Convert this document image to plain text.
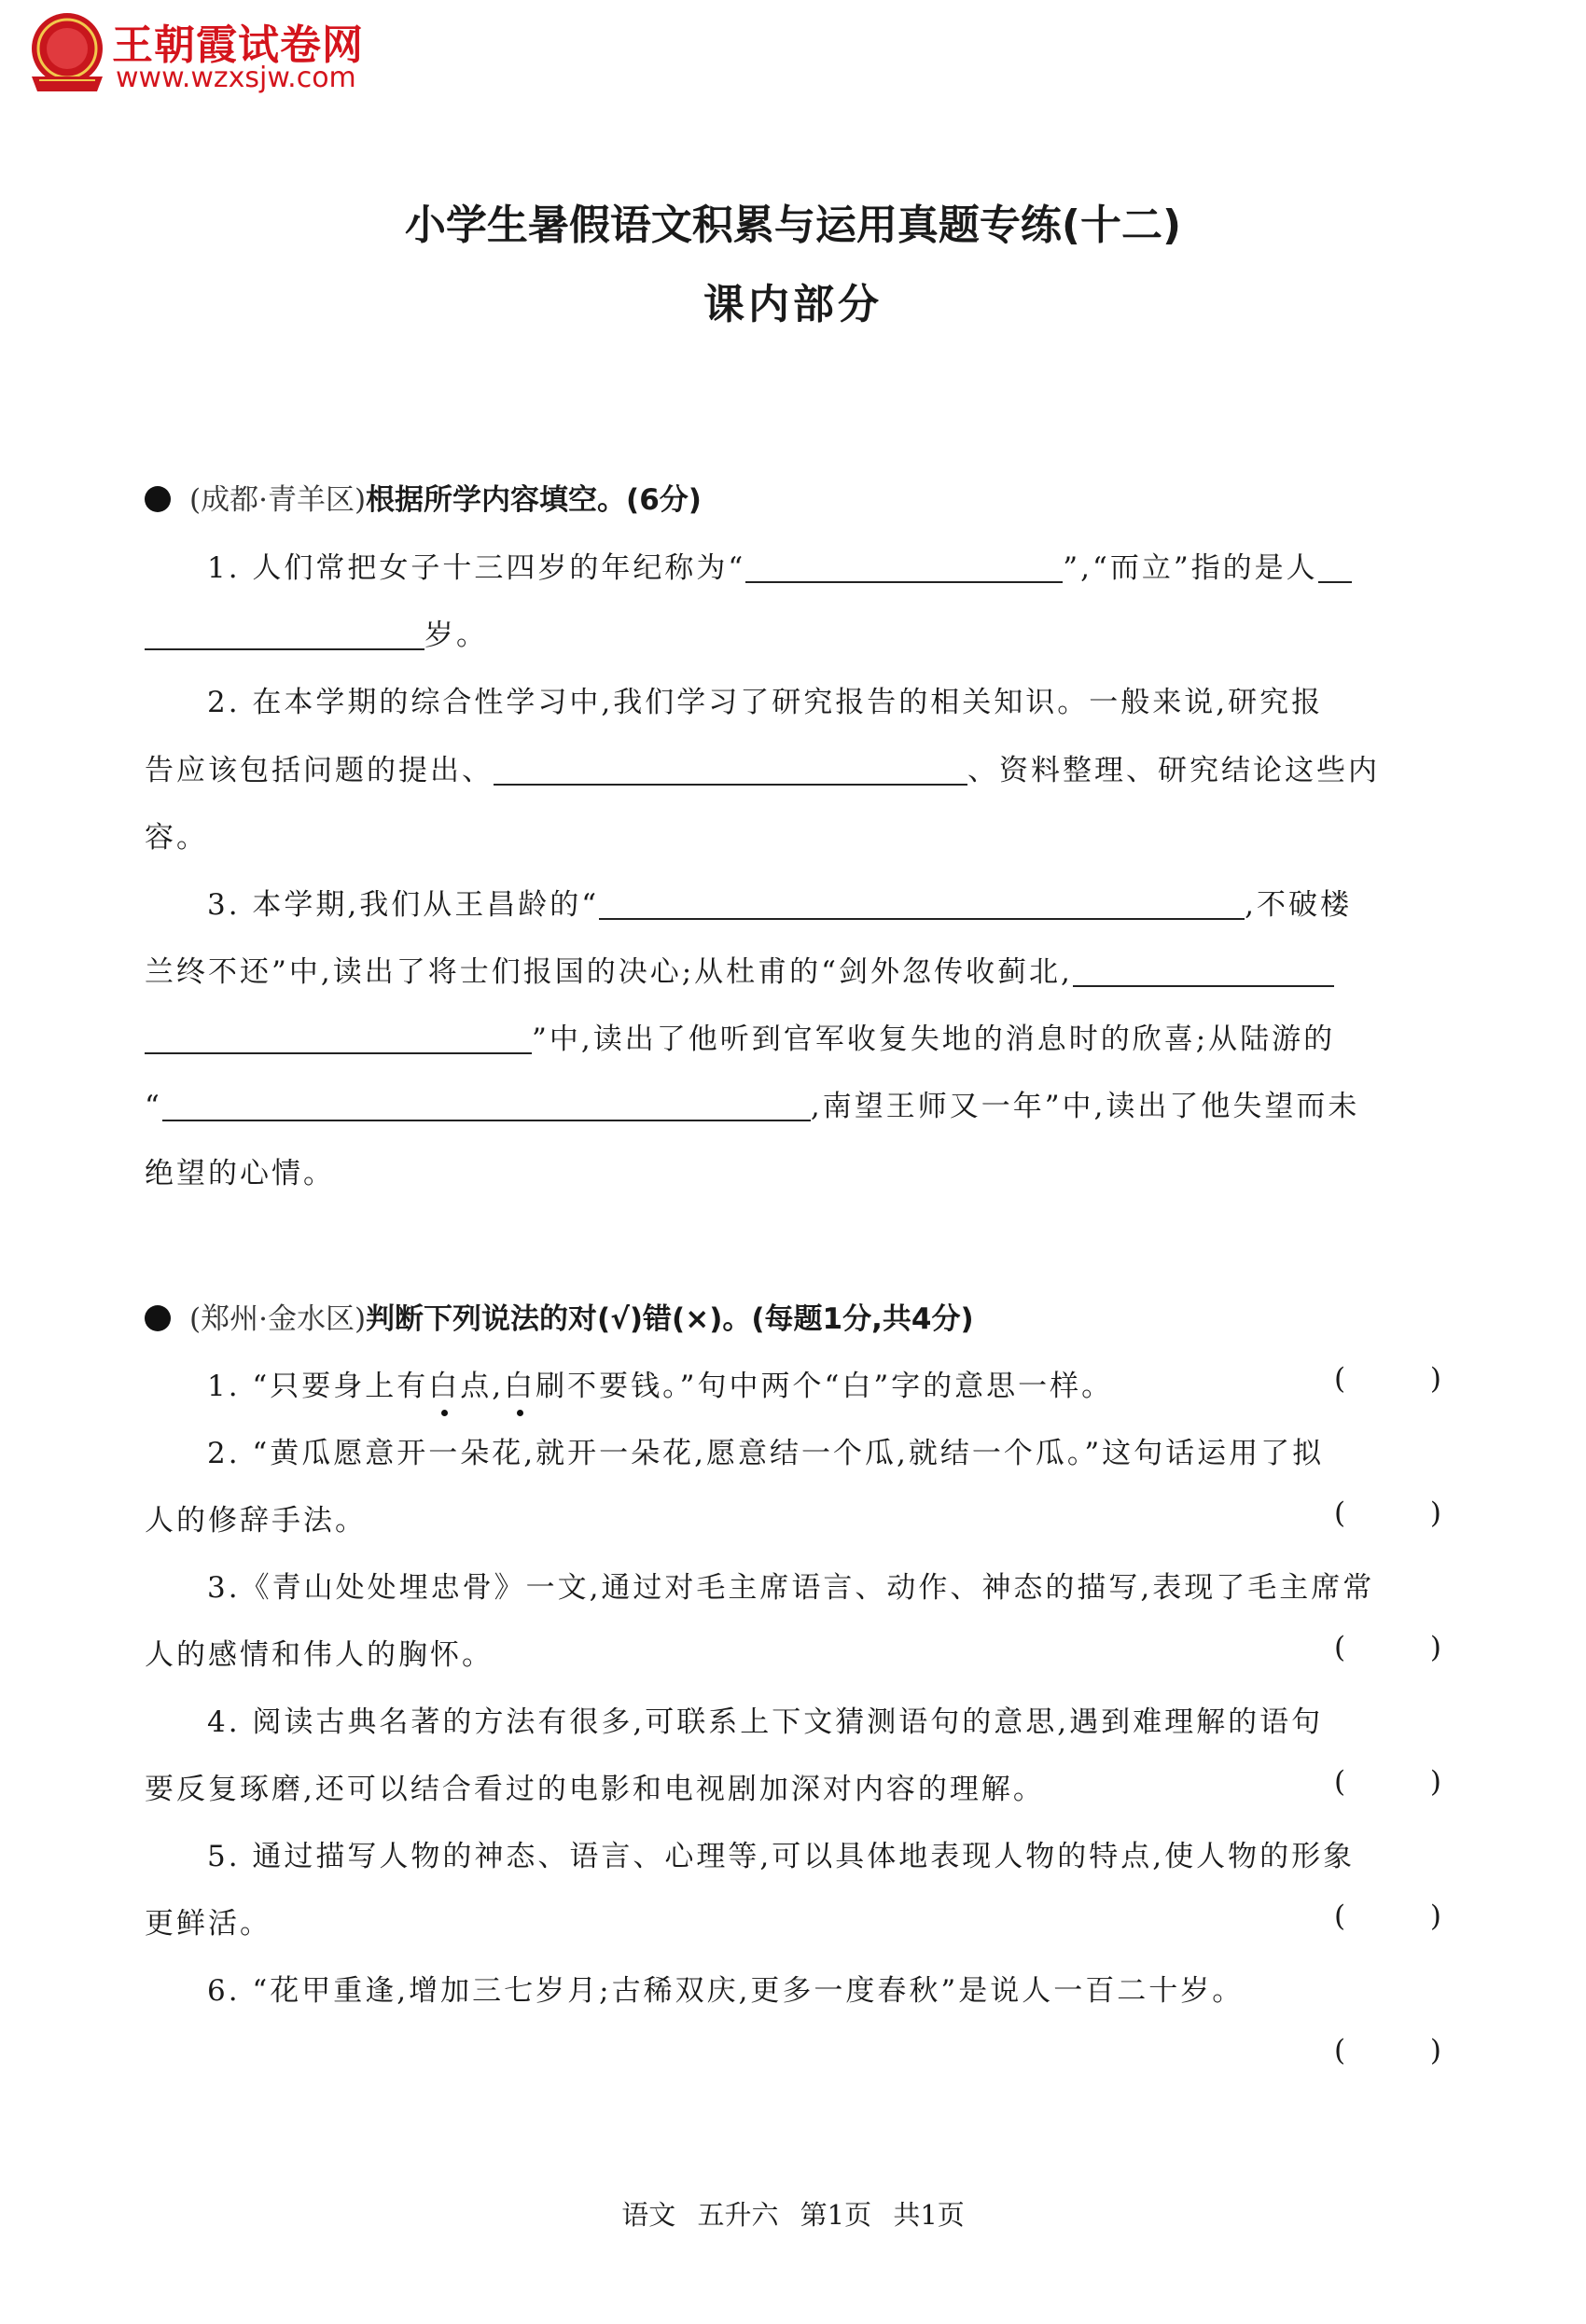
王朝霞试卷网
www.wzxsjw.com
小学生暑假语文积累与运用真题专练(十二)
课内部分
(成都·青羊区)根据所学内容填空。(6分)
1. 人们常把女子十三四岁的年纪称为“	”,“而立”指的是人
岁。
2. 在本学期的综合性学习中,我们学习了研究报告的相关知识。一般来说,研究报
告应该包括问题的提出、	、资料整理、研究结论这些内
容。
3. 本学期,我们从王昌龄的“	,不破楼
兰终不还”中,读出了将士们报国的决心;从杜甫的“剑外忽传收蓟北,
”中,读出了他听到官军收复失地的消息时的欣喜;从陆游的
“	,南望王师又一年”中,读出了他失望而未
绝望的心情。
(郑州·金水区)判断下列说法的对(√)错(×)。(每题1分,共4分)
1. “只要身上有白点,白刷不要钱。”句中两个“白”字的意思一样。	(	)
2. “黄瓜愿意开一朵花,就开一朵花,愿意结一个瓜,就结一个瓜。”这句话运用了拟
人的修辞手法。	(	)
3.《青山处处埋忠骨》一文,通过对毛主席语言、动作、神态的描写,表现了毛主席常
人的感情和伟人的胸怀。	(	)
4. 阅读古典名著的方法有很多,可联系上下文猜测语句的意思,遇到难理解的语句
要反复琢磨,还可以结合看过的电影和电视剧加深对内容的理解。	(	)
5. 通过描写人物的神态、语言、心理等,可以具体地表现人物的特点,使人物的形象
更鲜活。	(	)
6. “花甲重逢,增加三七岁月;古稀双庆,更多一度春秋”是说人一百二十岁。
(	)
语文 五升六 第1页 共1页
